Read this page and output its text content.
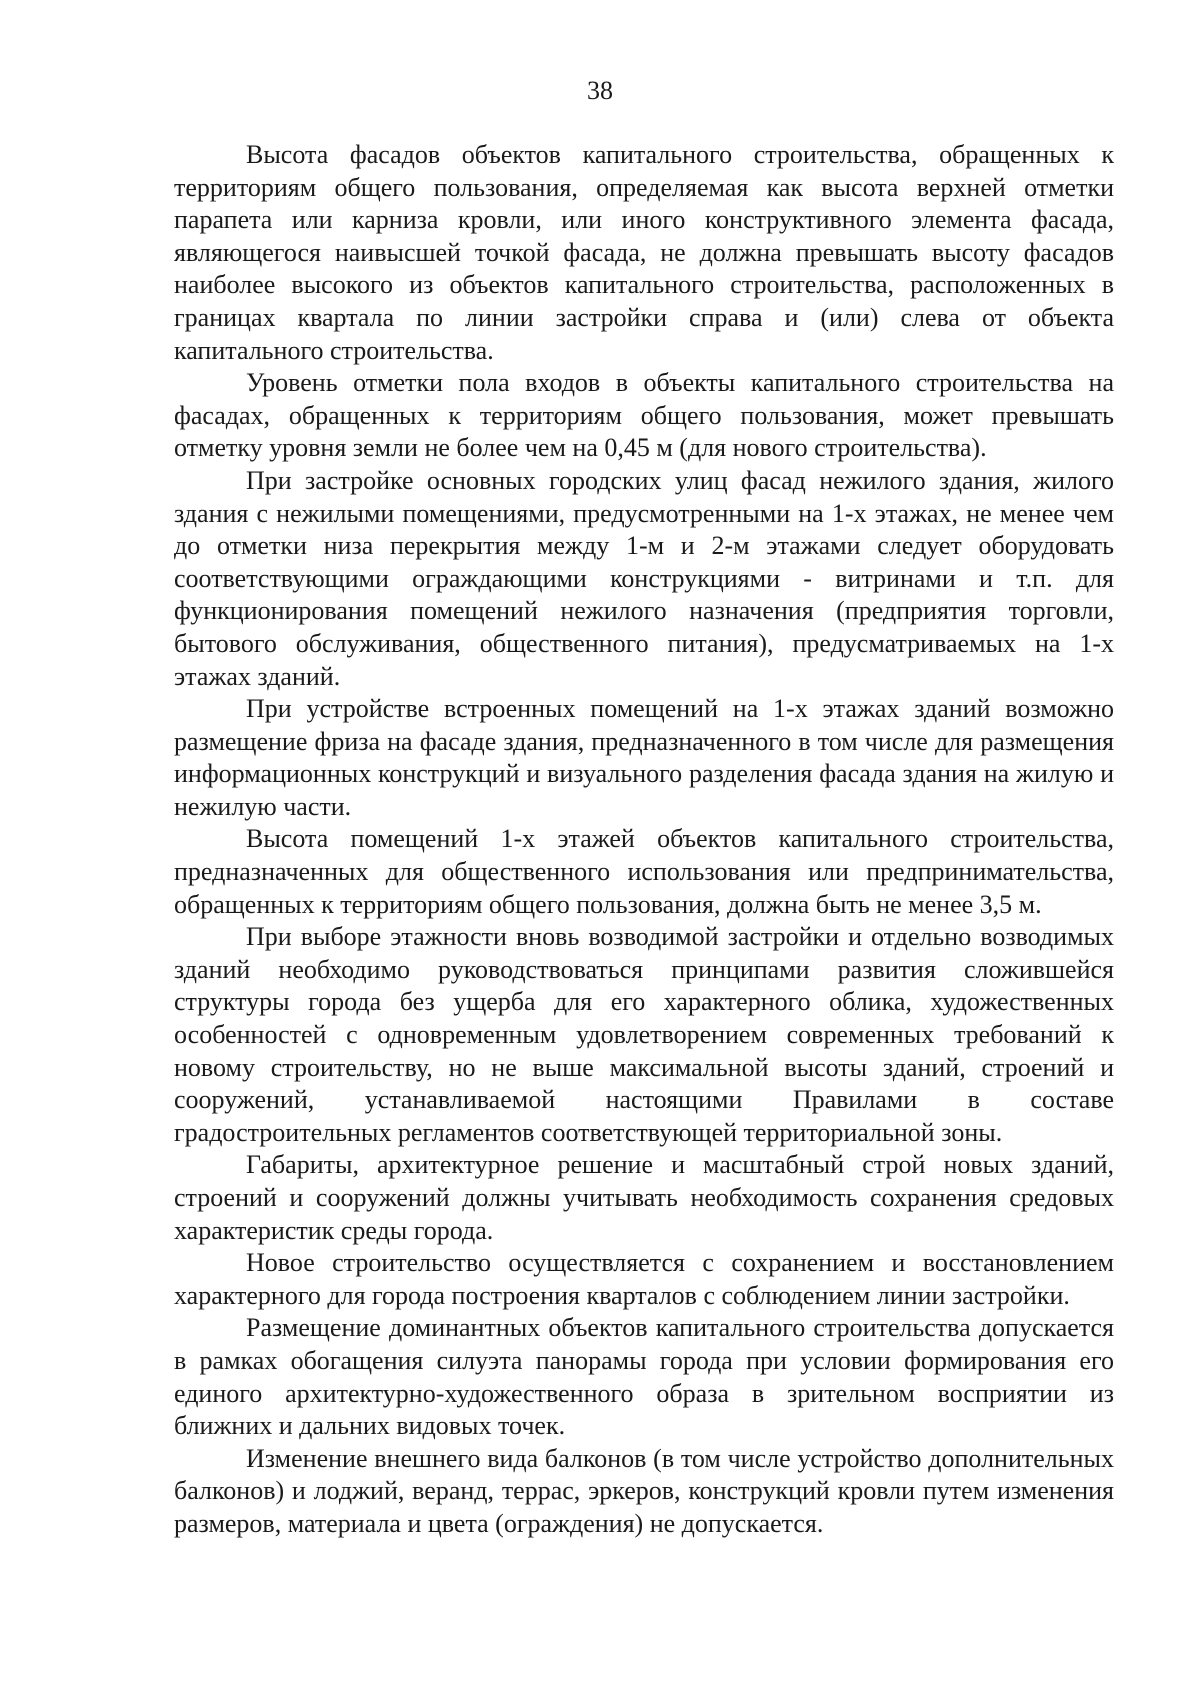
38

Высота фасадов объектов капитального строительства, обращенных к территориям общего пользования, определяемая как высота верхней отметки парапета или карниза кровли, или иного конструктивного элемента фасада, являющегося наивысшей точкой фасада, не должна превышать высоту фасадов наиболее высокого из объектов капитального строительства, расположенных в границах квартала по линии застройки справа и (или) слева от объекта капитального строительства.

Уровень отметки пола входов в объекты капитального строительства на фасадах, обращенных к территориям общего пользования, может превышать отметку уровня земли не более чем на 0,45 м (для нового строительства).

При застройке основных городских улиц фасад нежилого здания, жилого здания с нежилыми помещениями, предусмотренными на 1-х этажах, не менее чем до отметки низа перекрытия между 1-м и 2-м этажами следует оборудовать соответствующими ограждающими конструкциями - витринами и т.п. для функционирования помещений нежилого назначения (предприятия торговли, бытового обслуживания, общественного питания), предусматриваемых на 1-х этажах зданий.

При устройстве встроенных помещений на 1-х этажах зданий возможно размещение фриза на фасаде здания, предназначенного в том числе для размещения информационных конструкций и визуального разделения фасада здания на жилую и нежилую части.

Высота помещений 1-х этажей объектов капитального строительства, предназначенных для общественного использования или предпринимательства, обращенных к территориям общего пользования, должна быть не менее 3,5 м.

При выборе этажности вновь возводимой застройки и отдельно возводимых зданий необходимо руководствоваться принципами развития сложившейся структуры города без ущерба для его характерного облика, художественных особенностей с одновременным удовлетворением современных требований к новому строительству, но не выше максимальной высоты зданий, строений и сооружений, устанавливаемой настоящими Правилами в составе градостроительных регламентов соответствующей территориальной зоны.

Габариты, архитектурное решение и масштабный строй новых зданий, строений и сооружений должны учитывать необходимость сохранения средовых характеристик среды города.

Новое строительство осуществляется с сохранением и восстановлением характерного для города построения кварталов с соблюдением линии застройки.

Размещение доминантных объектов капитального строительства допускается в рамках обогащения силуэта панорамы города при условии формирования его единого архитектурно-художественного образа в зрительном восприятии из ближних и дальних видовых точек.

Изменение внешнего вида балконов (в том числе устройство дополнительных балконов) и лоджий, веранд, террас, эркеров, конструкций кровли путем изменения размеров, материала и цвета (ограждения) не допускается.
